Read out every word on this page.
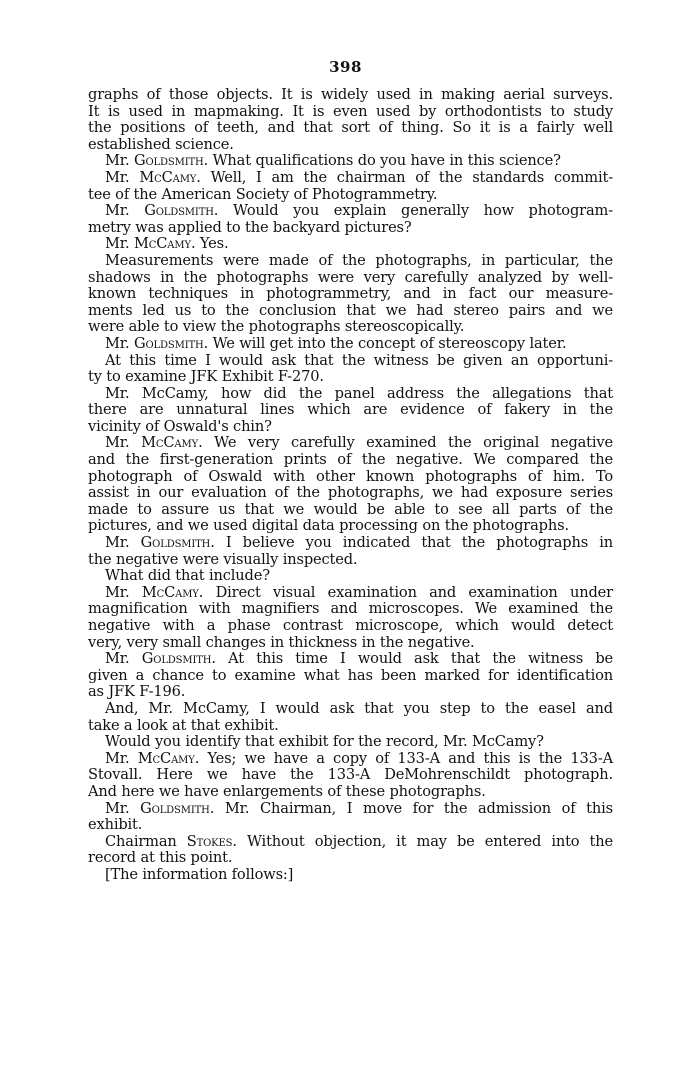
398
graphs of those objects. It is widely used in making aerial surveys.
It is used in mapmaking. It is even used by orthodontists to study
the positions of teeth, and that sort of thing. So it is a fairly well
established science.
Mr. Goldsmith. What qualifications do you have in this science?
Mr. McCamy. Well, I am the chairman of the standards commit-
tee of the American Society of Photogrammetry.
Mr. Goldsmith. Would you explain generally how photogram-
metry was applied to the backyard pictures?
Mr. McCamy. Yes.
Measurements were made of the photographs, in particular, the
shadows in the photographs were very carefully analyzed by well-
known techniques in photogrammetry, and in fact our measure-
ments led us to the conclusion that we had stereo pairs and we
were able to view the photographs stereoscopically.
Mr. Goldsmith. We will get into the concept of stereoscopy later.
At this time I would ask that the witness be given an opportuni-
ty to examine JFK Exhibit F-270.
Mr. McCamy, how did the panel address the allegations that
there are unnatural lines which are evidence of fakery in the
vicinity of Oswald's chin?
Mr. McCamy. We very carefully examined the original negative
and the first-generation prints of the negative. We compared the
photograph of Oswald with other known photographs of him. To
assist in our evaluation of the photographs, we had exposure series
made to assure us that we would be able to see all parts of the
pictures, and we used digital data processing on the photographs.
Mr. Goldsmith. I believe you indicated that the photographs in
the negative were visually inspected.
What did that include?
Mr. McCamy. Direct visual examination and examination under
magnification with magnifiers and microscopes. We examined the
negative with a phase contrast microscope, which would detect
very, very small changes in thickness in the negative.
Mr. Goldsmith. At this time I would ask that the witness be
given a chance to examine what has been marked for identification
as JFK F-196.
And, Mr. McCamy, I would ask that you step to the easel and
take a look at that exhibit.
Would you identify that exhibit for the record, Mr. McCamy?
Mr. McCamy. Yes; we have a copy of 133-A and this is the 133-A
Stovall. Here we have the 133-A DeMohrenschildt photograph.
And here we have enlargements of these photographs.
Mr. Goldsmith. Mr. Chairman, I move for the admission of this
exhibit.
Chairman Stokes. Without objection, it may be entered into the
record at this point.
[The information follows:]
